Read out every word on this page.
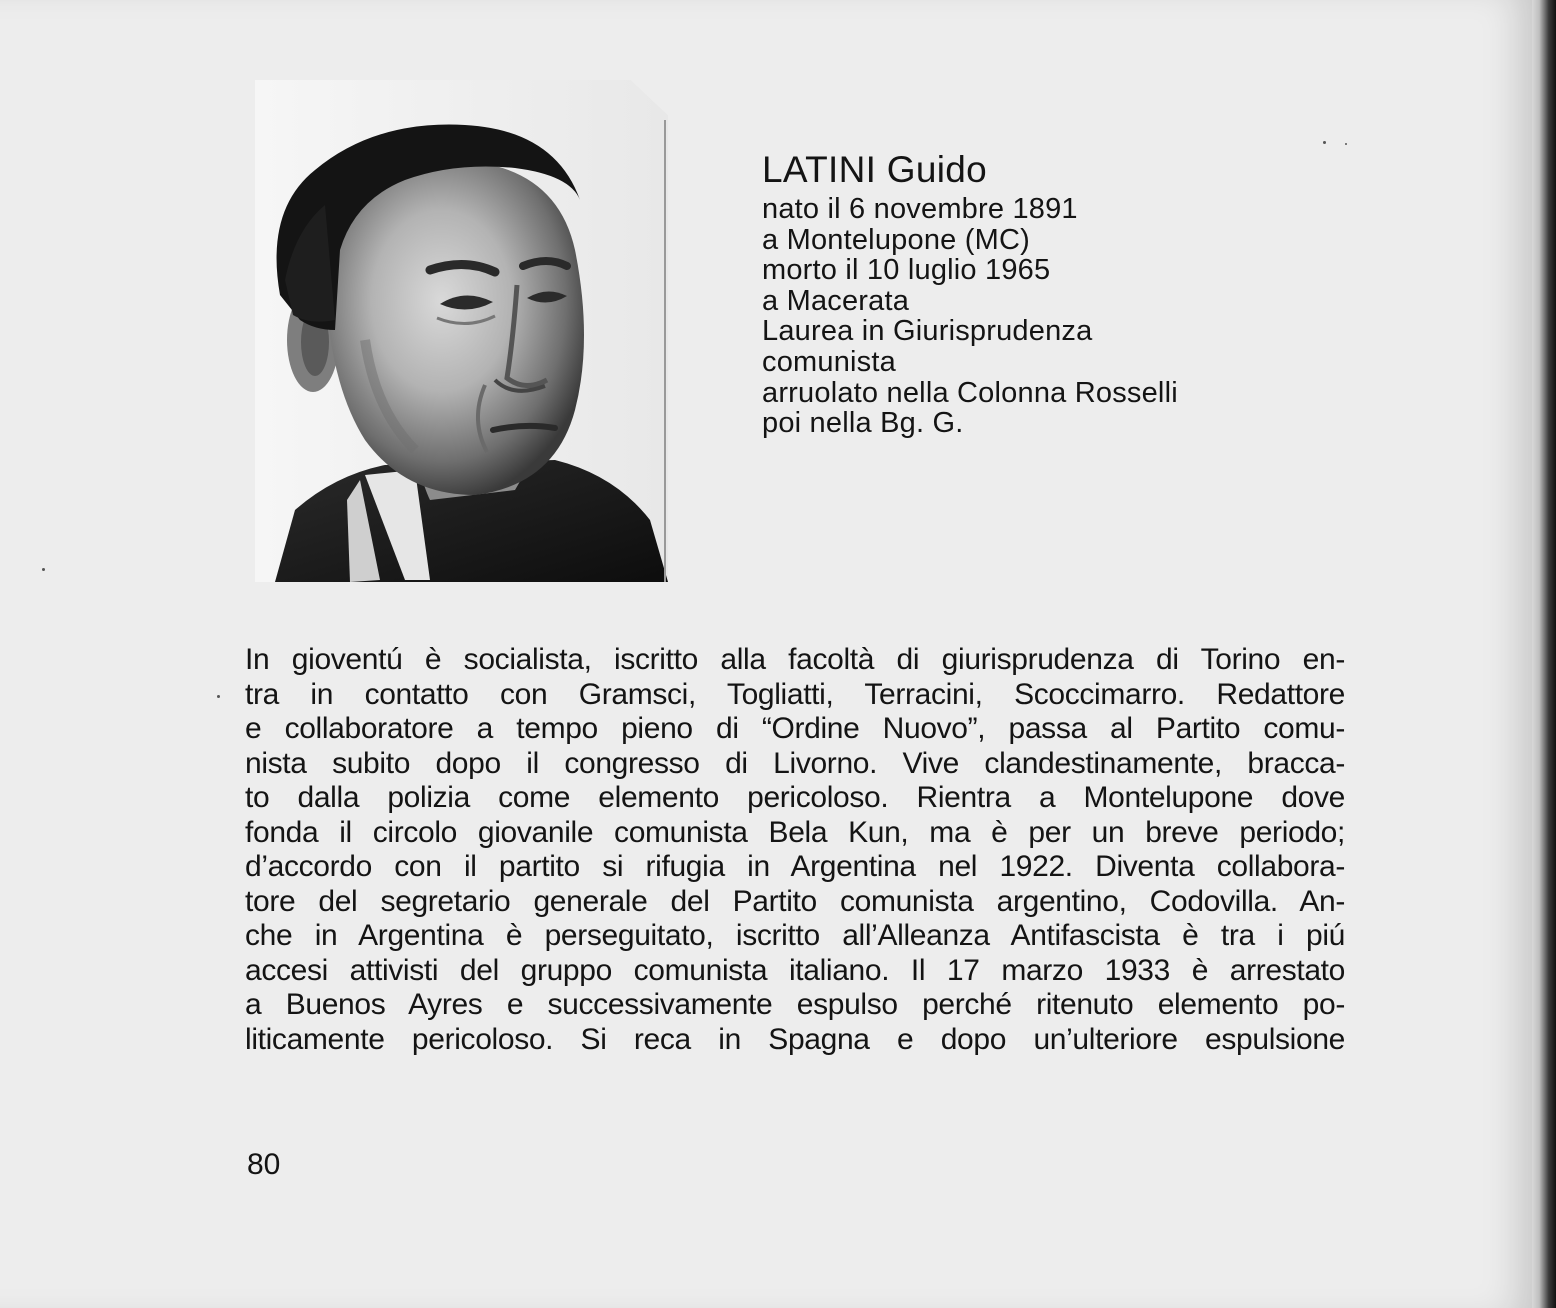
LATINI Guido
nato il 6 novembre 1891
a Montelupone (MC)
morto il 10 luglio 1965
a Macerata
Laurea in Giurisprudenza
comunista
arruolato nella Colonna Rosselli
poi nella Bg. G.
In gioventú è socialista, iscritto alla facoltà di giurisprudenza di Torino en-
tra in contatto con Gramsci, Togliatti, Terracini, Scoccimarro. Redattore
e collaboratore a tempo pieno di “Ordine Nuovo”, passa al Partito comu-
nista subito dopo il congresso di Livorno. Vive clandestinamente, bracca-
to dalla polizia come elemento pericoloso. Rientra a Montelupone dove
fonda il circolo giovanile comunista Bela Kun, ma è per un breve periodo;
d’accordo con il partito si rifugia in Argentina nel 1922. Diventa collabora-
tore del segretario generale del Partito comunista argentino, Codovilla. An-
che in Argentina è perseguitato, iscritto all’Alleanza Antifascista è tra i piú
accesi attivisti del gruppo comunista italiano. Il 17 marzo 1933 è arrestato
a Buenos Ayres e successivamente espulso perché ritenuto elemento po-
liticamente pericoloso. Si reca in Spagna e dopo un’ulteriore espulsione
80
